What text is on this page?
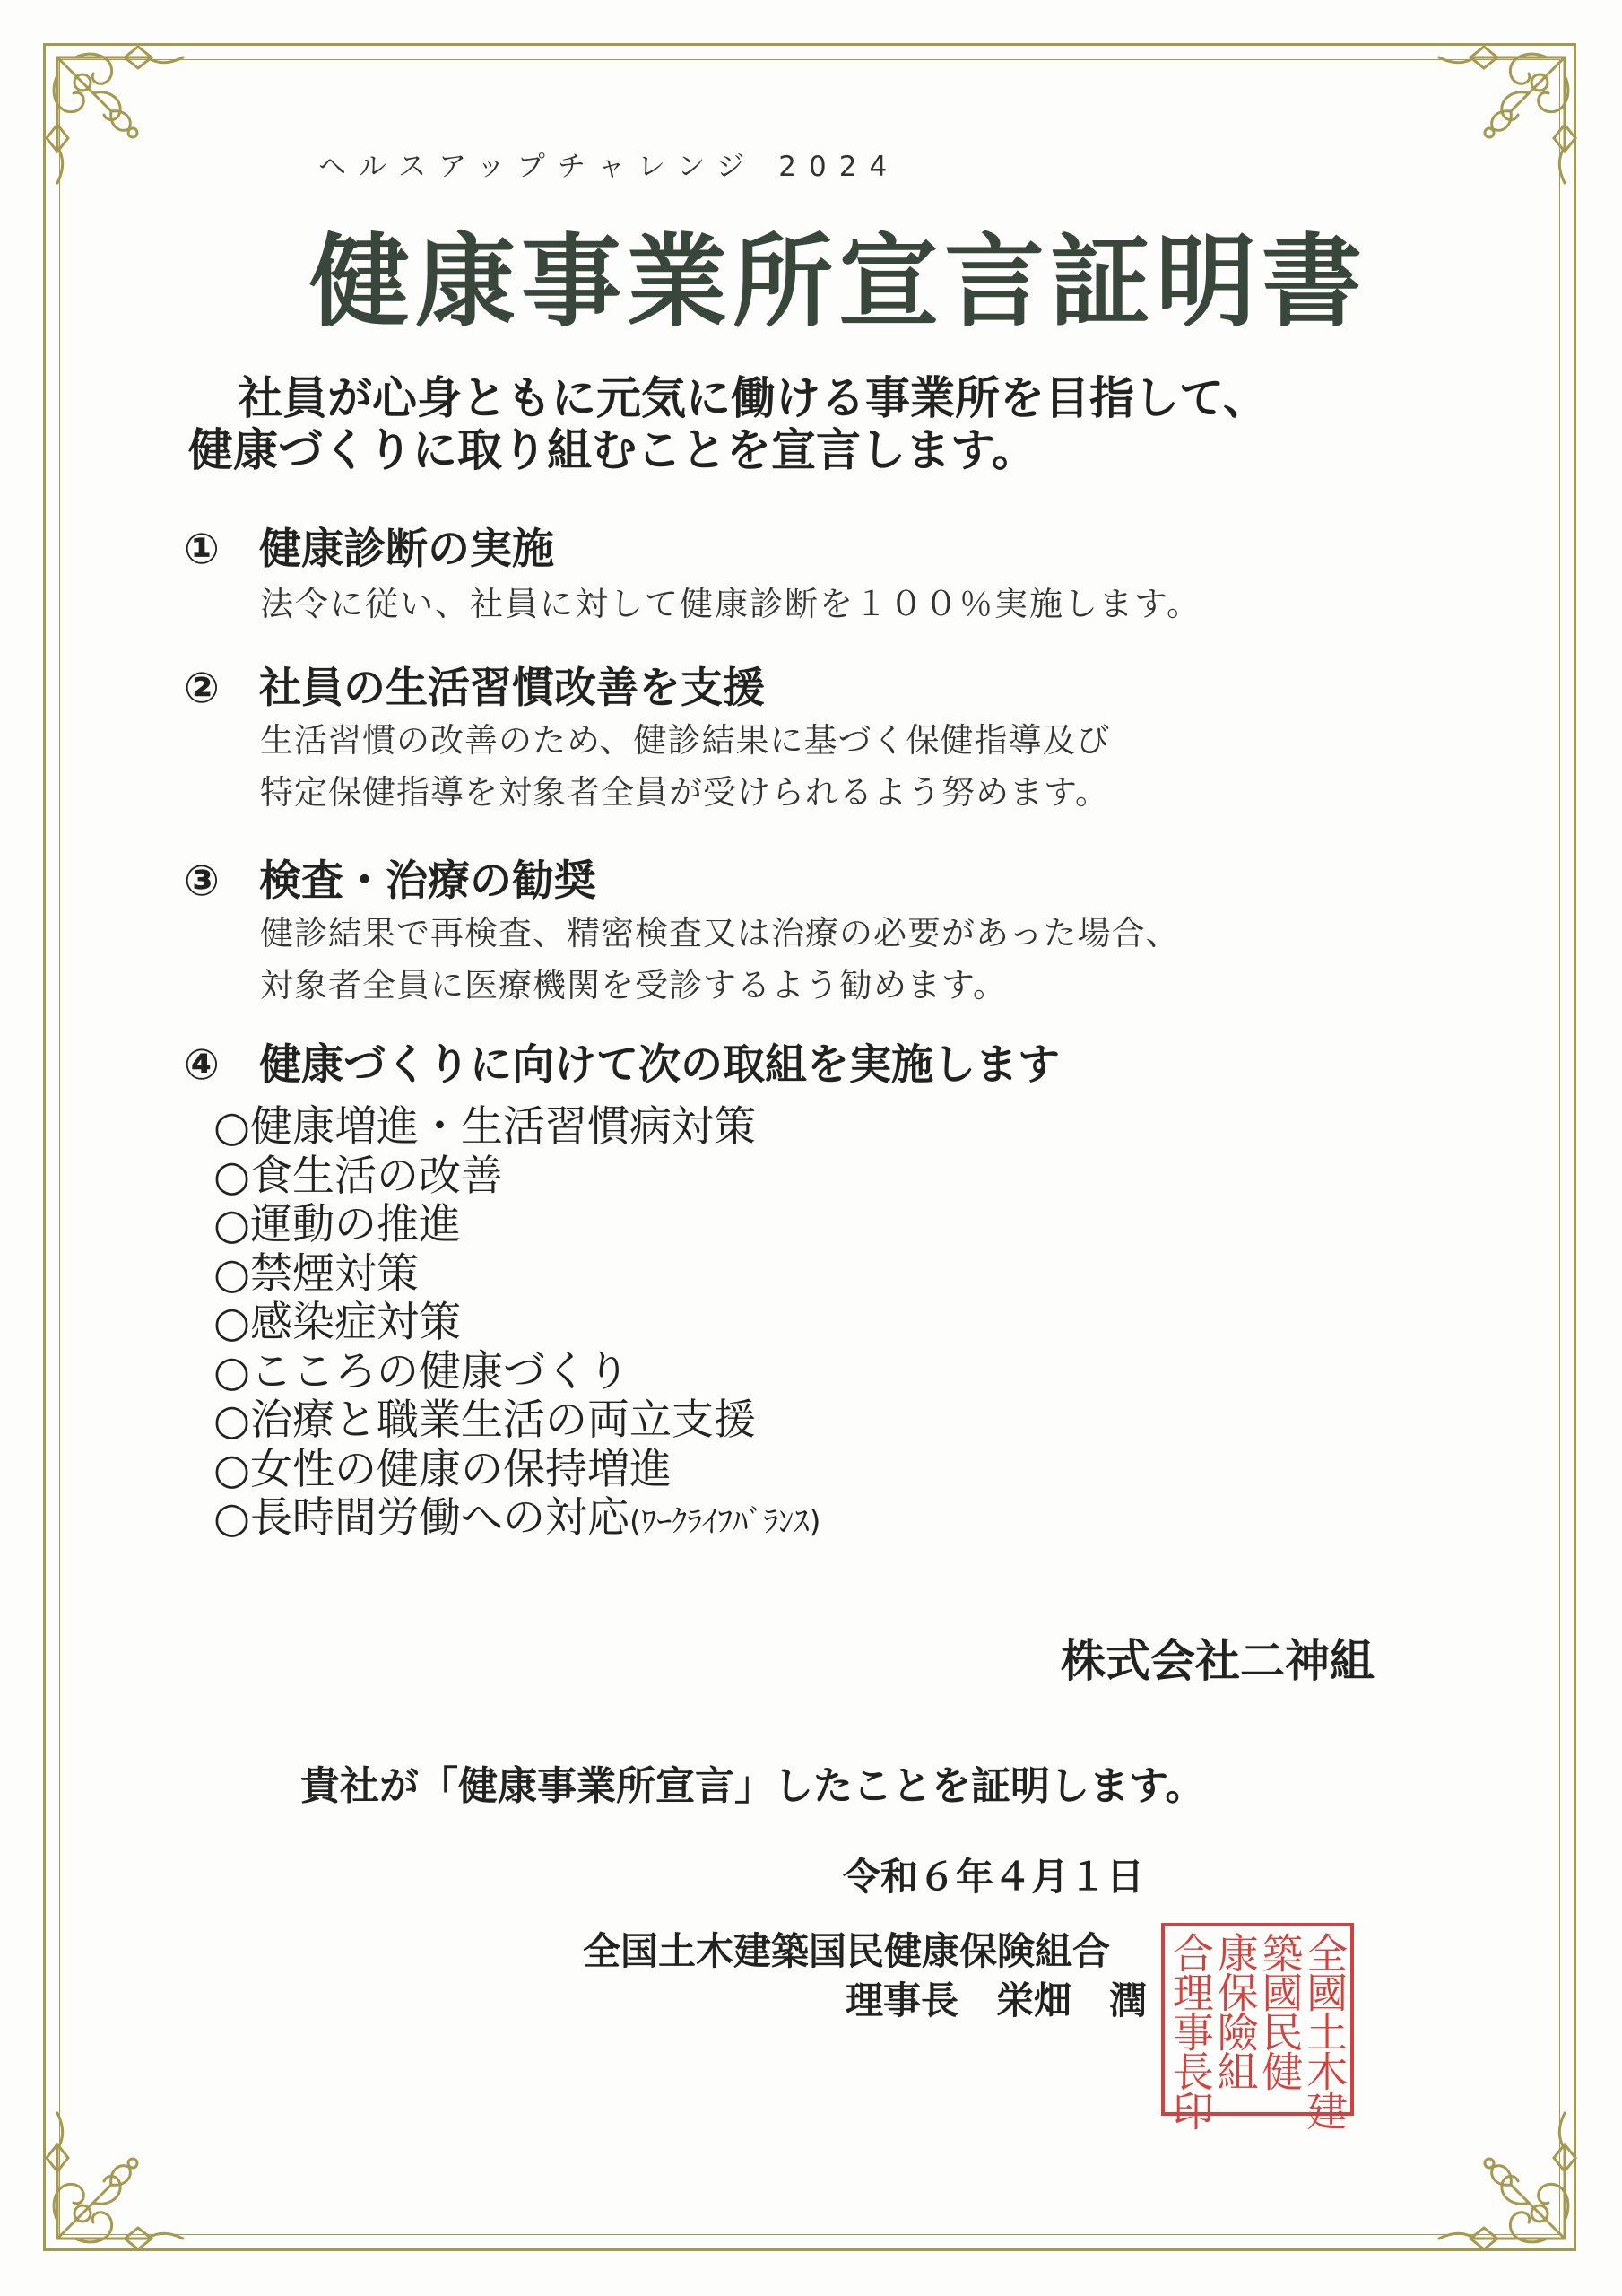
ヘルスアップチャレンジ 2024
健康事業所宣言証明書
社員が心身ともに元気に働ける事業所を目指して、
健康づくりに取り組むことを宣言します。
① 健康診断の実施
法令に従い、社員に対して健康診断を１００％実施します。
② 社員の生活習慣改善を支援
生活習慣の改善のため、健診結果に基づく保健指導及び
特定保健指導を対象者全員が受けられるよう努めます。
③ 検査・治療の勧奨
健診結果で再検査、精密検査又は治療の必要があった場合、
対象者全員に医療機関を受診するよう勧めます。
④ 健康づくりに向けて次の取組を実施します
○健康増進・生活習慣病対策
○食生活の改善
○運動の推進
○禁煙対策
○感染症対策
○こころの健康づくり
○治療と職業生活の両立支援
○女性の健康の保持増進
○長時間労働への対応(ﾜｰｸﾗｲﾌﾊﾞﾗﾝｽ)
株式会社二神組
貴社が「健康事業所宣言」したことを証明します。
令和６年４月１日
全国土木建築国民健康保険組合
理事長　栄畑　潤	全國土木建
築國民健
康保險組
合理事長印
